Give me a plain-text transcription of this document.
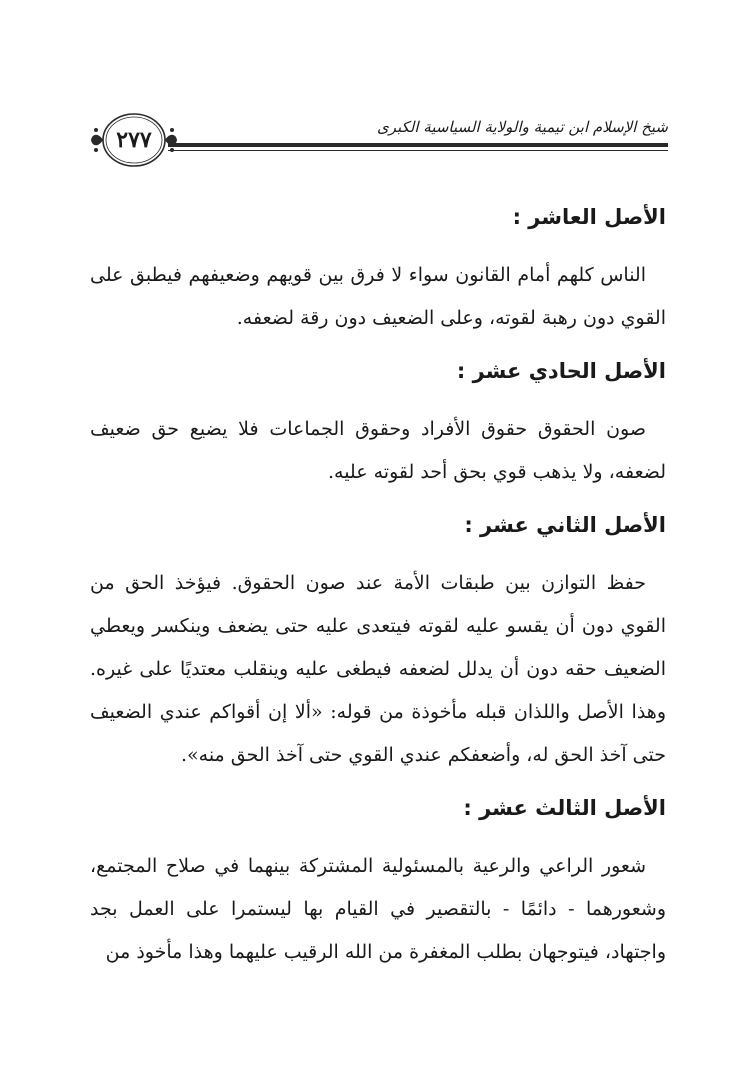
شيخ الإسلام ابن تيمية والولاية السياسية الكبرى
٢٧٧
الأصل العاشر :

الناس كلهم أمام القانون سواء لا فرق بين قويهم وضعيفهم فيطبق على القوي دون رهبة لقوته، وعلى الضعيف دون رقة لضعفه.

الأصل الحادي عشر :

صون الحقوق حقوق الأفراد وحقوق الجماعات فلا يضيع حق ضعيف لضعفه، ولا يذهب قوي بحق أحد لقوته عليه.

الأصل الثاني عشر :

حفظ التوازن بين طبقات الأمة عند صون الحقوق. فيؤخذ الحق من القوي دون أن يقسو عليه لقوته فيتعدى عليه حتى يضعف وينكسر ويعطي الضعيف حقه دون أن يدلل لضعفه فيطغى عليه وينقلب معتديًا على غيره. وهذا الأصل واللذان قبله مأخوذة من قوله: «ألا إن أقواكم عندي الضعيف حتى آخذ الحق له، وأضعفكم عندي القوي حتى آخذ الحق منه».

الأصل الثالث عشر :

شعور الراعي والرعية بالمسئولية المشتركة بينهما في صلاح المجتمع، وشعورهما - دائمًا - بالتقصير في القيام بها ليستمرا على العمل بجد واجتهاد، فيتوجهان بطلب المغفرة من الله الرقيب عليهما وهذا مأخوذ من
